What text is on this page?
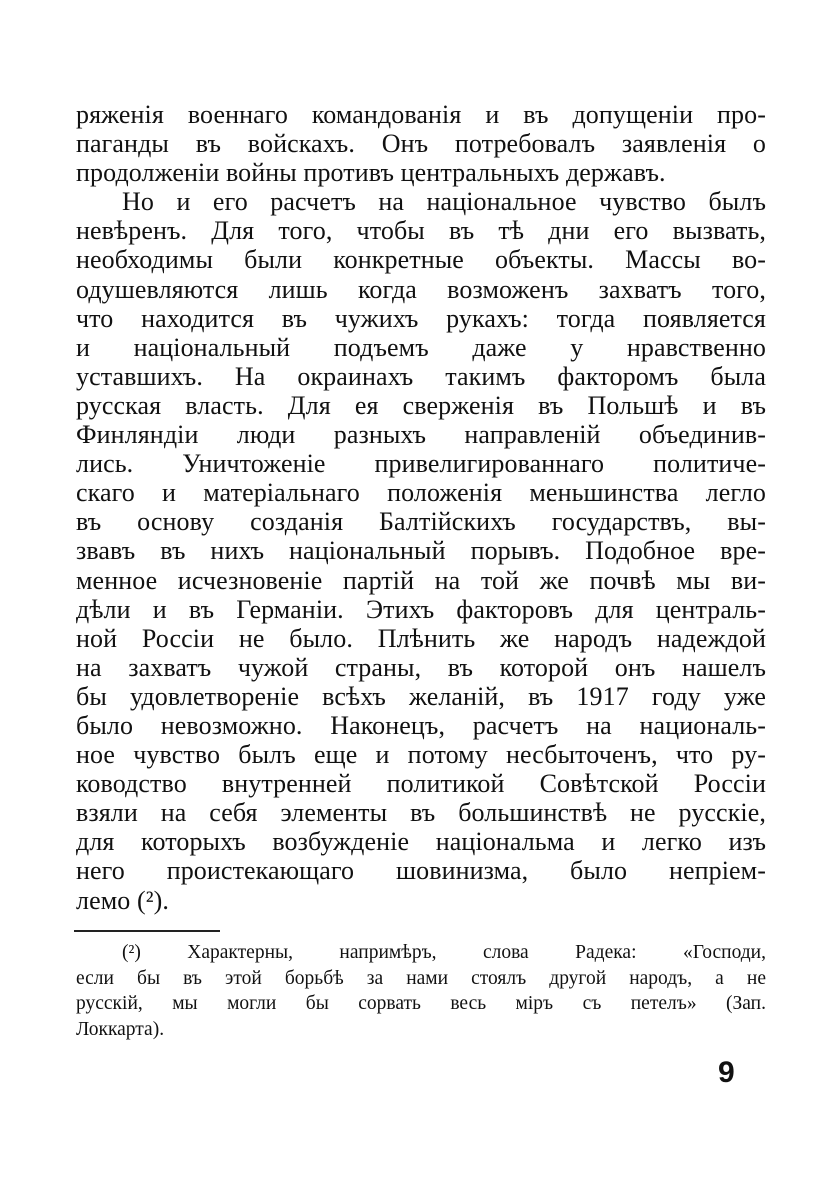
ряженія военнаго командованія и въ допущеніи про-
паганды въ войскахъ. Онъ потребовалъ заявленія о
продолженіи войны противъ центральныхъ державъ.
Но и его расчетъ на національное чувство былъ
невѣренъ. Для того, чтобы въ тѣ дни его вызвать,
необходимы были конкретные объекты. Массы во-
одушевляются лишь когда возможенъ захватъ того,
что находится въ чужихъ рукахъ: тогда появляется
и національный подъемъ даже у нравственно
уставшихъ. На окраинахъ такимъ факторомъ была
русская власть. Для ея сверженія въ Польшѣ и въ
Финляндіи люди разныхъ направленій объединив-
лись. Уничтоженіе привелигированнаго политиче-
скаго и матеріальнаго положенія меньшинства легло
въ основу созданія Балтійскихъ государствъ, вы-
звавъ въ нихъ національный порывъ. Подобное вре-
менное исчезновеніе партій на той же почвѣ мы ви-
дѣли и въ Германіи. Этихъ факторовъ для централь-
ной Россіи не было. Плѣнить же народъ надеждой
на захватъ чужой страны, въ которой онъ нашелъ
бы удовлетвореніе всѣхъ желаній, въ 1917 году уже
было невозможно. Наконецъ, расчетъ на националь-
ное чувство былъ еще и потому несбыточенъ, что ру-
ководство внутренней политикой Совѣтской Россіи
взяли на себя элементы въ большинствѣ не русскіе,
для которыхъ возбужденіе національма и легко изъ
него проистекающаго шовинизма, было непріем-
лемо (²).
(²) Характерны, напримѣръ, слова Радека: «Господи,
если бы въ этой борьбѣ за нами стоялъ другой народъ, а не
русскій, мы могли бы сорвать весь міръ съ петелъ» (Зап.
Локкарта).
9
